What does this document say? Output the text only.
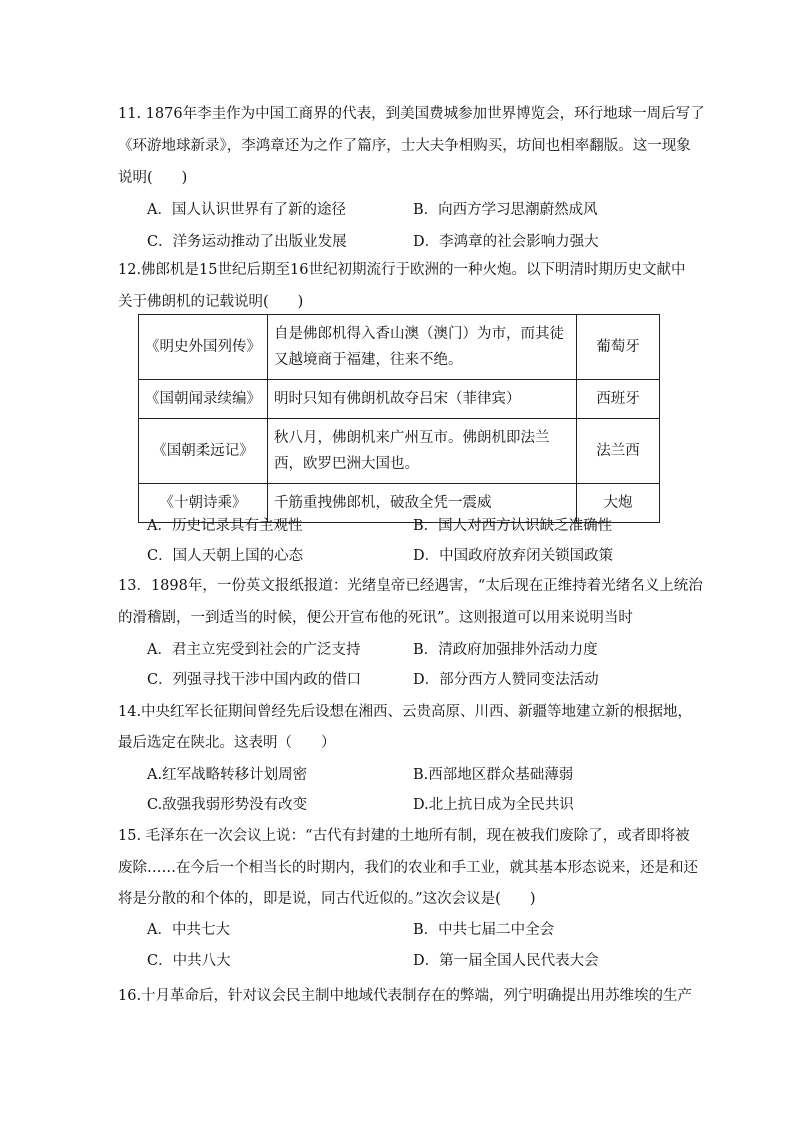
11. 1876年李圭作为中国工商界的代表，到美国费城参加世界博览会，环行地球一周后写了
《环游地球新录》，李鸿章还为之作了篇序，士大夫争相购买，坊间也相率翻版。这一现象
说明(　　)
A．国人认识世界有了新的途径	B．向西方学习思潮蔚然成风
C．洋务运动推动了出版业发展	D．李鸿章的社会影响力强大
12.佛郎机是15世纪后期至16世纪初期流行于欧洲的一种火炮。以下明清时期历史文献中
关于佛朗机的记载说明(　　)
《明史外国列传》	自是佛郎机得入香山澳（澳门）为市，而其徒又越境商于福建，往来不绝。	葡萄牙
《国朝闻录续编》	明时只知有佛朗机故夺吕宋（菲律宾）	西班牙
《国朝柔远记》	秋八月，佛朗机来广州互市。佛朗机即法兰西，欧罗巴洲大国也。	法兰西
《十朝诗乘》	千筋重拽佛郎机，破敌全凭一震威	大炮
A．历史记录具有主观性	B．国人对西方认识缺乏准确性
C．国人天朝上国的心态	D．中国政府放弃闭关锁国政策
13．1898年，一份英文报纸报道：光绪皇帝已经遇害，“太后现在正维持着光绪名义上统治
的滑稽剧，一到适当的时候，便公开宣布他的死讯”。这则报道可以用来说明当时
A．君主立宪受到社会的广泛支持	B．清政府加强排外活动力度
C．列强寻找干涉中国内政的借口	D．部分西方人赞同变法活动
14.中央红军长征期间曾经先后设想在湘西、云贵高原、川西、新疆等地建立新的根据地，
最后选定在陕北。这表明（　　）
A.红军战略转移计划周密	B.西部地区群众基础薄弱
C.敌强我弱形势没有改变	D.北上抗日成为全民共识
15. 毛泽东在一次会议上说：“古代有封建的土地所有制，现在被我们废除了，或者即将被
废除……在今后一个相当长的时期内，我们的农业和手工业，就其基本形态说来，还是和还
将是分散的和个体的，即是说，同古代近似的。”这次会议是(　　)
A．中共七大	B．中共七届二中全会
C．中共八大	D．第一届全国人民代表大会
16.十月革命后，针对议会民主制中地域代表制存在的弊端，列宁明确提出用苏维埃的生产
